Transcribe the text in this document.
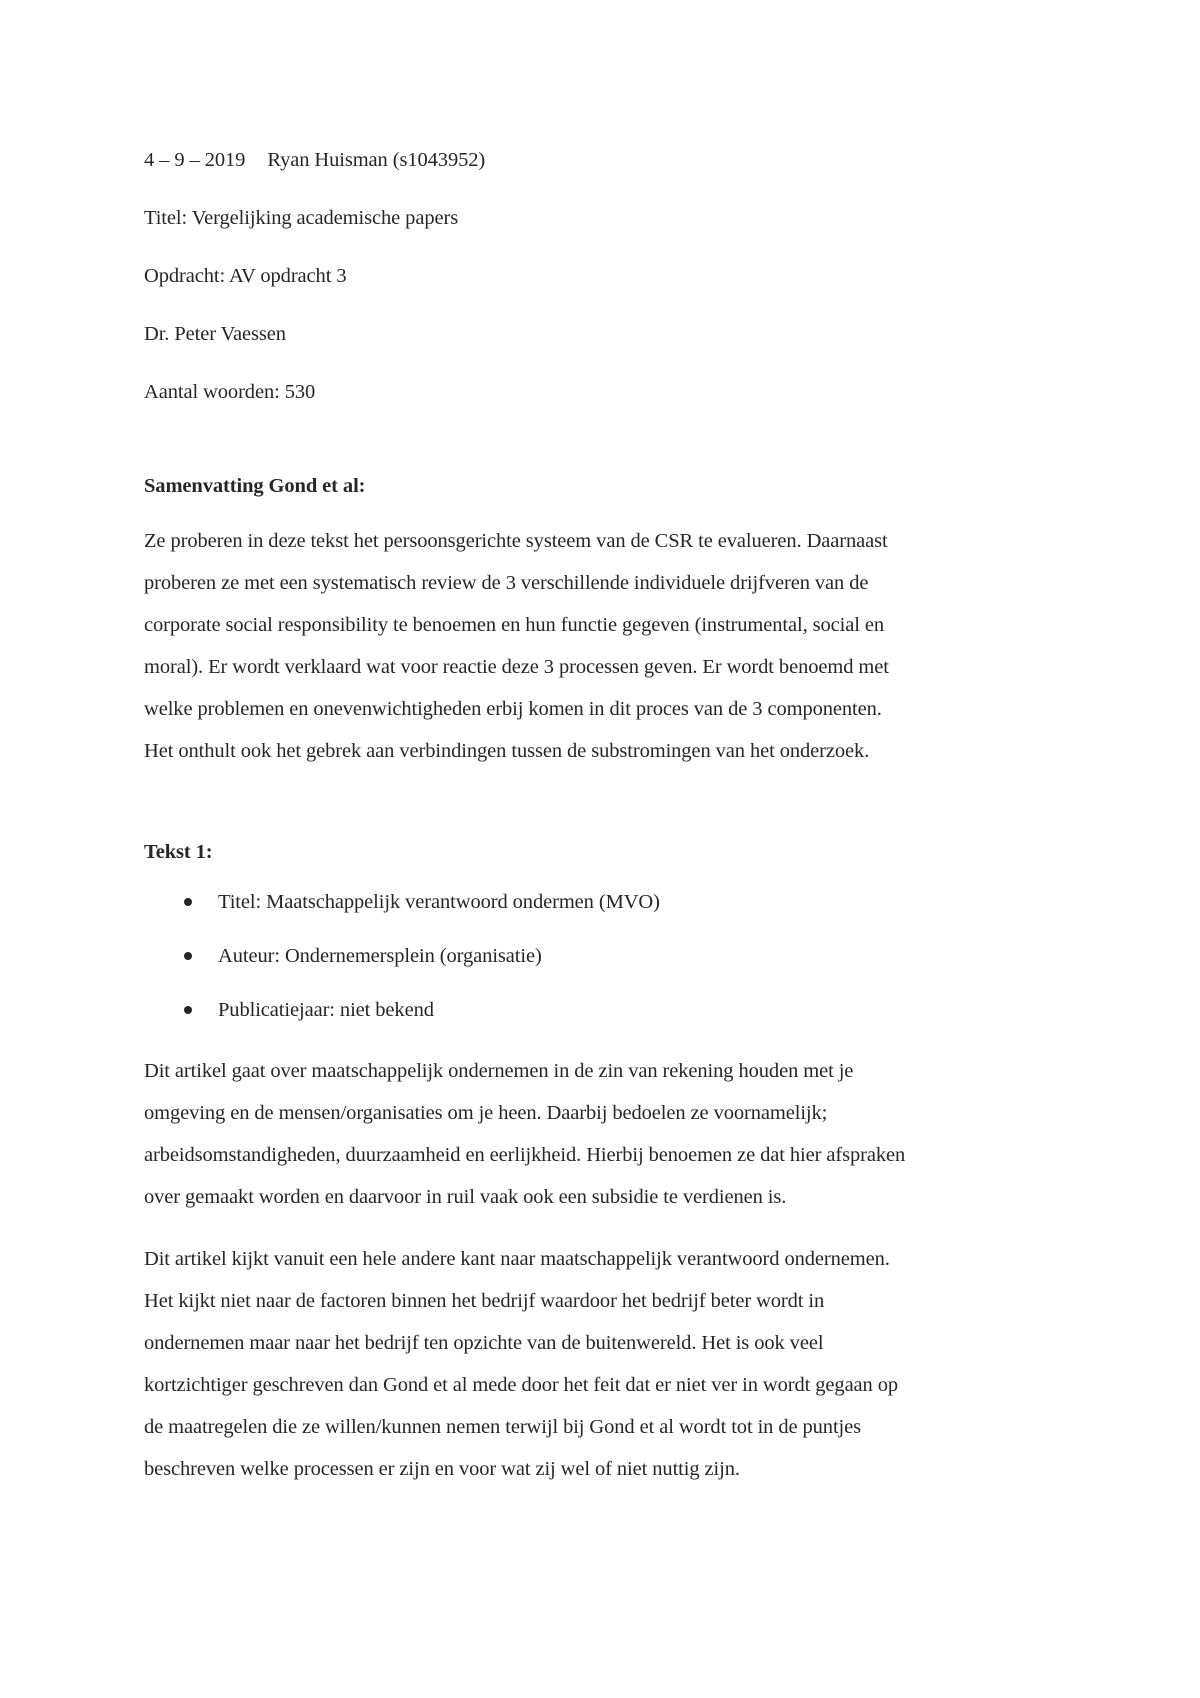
4 – 9 – 2019 Ryan Huisman (s1043952)

Titel: Vergelijking academische papers

Opdracht: AV opdracht 3

Dr. Peter Vaessen

Aantal woorden: 530

Samenvatting Gond et al:

Ze proberen in deze tekst het persoonsgerichte systeem van de CSR te evalueren. Daarnaast
proberen ze met een systematisch review de 3 verschillende individuele drijfveren van de
corporate social responsibility te benoemen en hun functie gegeven (instrumental, social en
moral). Er wordt verklaard wat voor reactie deze 3 processen geven. Er wordt benoemd met
welke problemen en onevenwichtigheden erbij komen in dit proces van de 3 componenten.
Het onthult ook het gebrek aan verbindingen tussen de substromingen van het onderzoek.

Tekst 1:

Titel: Maatschappelijk verantwoord ondermen (MVO)
Auteur: Ondernemersplein (organisatie)
Publicatiejaar: niet bekend
Dit artikel gaat over maatschappelijk ondernemen in de zin van rekening houden met je
omgeving en de mensen/organisaties om je heen. Daarbij bedoelen ze voornamelijk;
arbeidsomstandigheden, duurzaamheid en eerlijkheid. Hierbij benoemen ze dat hier afspraken
over gemaakt worden en daarvoor in ruil vaak ook een subsidie te verdienen is.
Dit artikel kijkt vanuit een hele andere kant naar maatschappelijk verantwoord ondernemen.
Het kijkt niet naar de factoren binnen het bedrijf waardoor het bedrijf beter wordt in
ondernemen maar naar het bedrijf ten opzichte van de buitenwereld. Het is ook veel
kortzichtiger geschreven dan Gond et al mede door het feit dat er niet ver in wordt gegaan op
de maatregelen die ze willen/kunnen nemen terwijl bij Gond et al wordt tot in de puntjes
beschreven welke processen er zijn en voor wat zij wel of niet nuttig zijn.
